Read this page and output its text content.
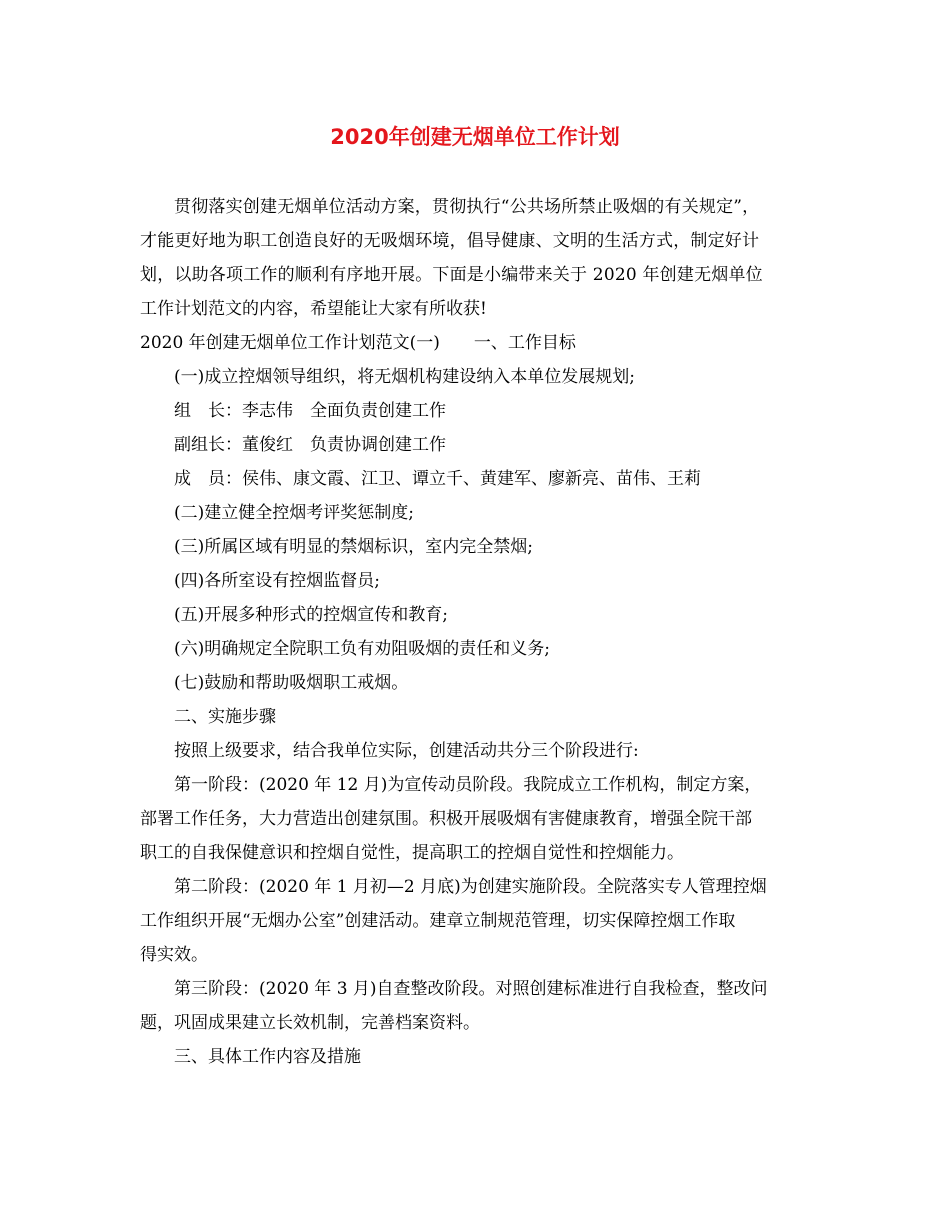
2020年创建无烟单位工作计划

贯彻落实创建无烟单位活动方案，贯彻执行“公共场所禁止吸烟的有关规定”，

才能更好地为职工创造良好的无吸烟环境，倡导健康、文明的生活方式，制定好计

划，以助各项工作的顺利有序地开展。下面是小编带来关于 2020 年创建无烟单位

工作计划范文的内容，希望能让大家有所收获!

2020 年创建无烟单位工作计划范文(一)　　一、工作目标

(一)成立控烟领导组织，将无烟机构建设纳入本单位发展规划;

组　长：李志伟　全面负责创建工作

副组长：董俊红　负责协调创建工作

成　员：侯伟、康文霞、江卫、谭立千、黄建军、廖新亮、苗伟、王莉

(二)建立健全控烟考评奖惩制度;

(三)所属区域有明显的禁烟标识，室内完全禁烟;

(四)各所室设有控烟监督员;

(五)开展多种形式的控烟宣传和教育;

(六)明确规定全院职工负有劝阻吸烟的责任和义务;

(七)鼓励和帮助吸烟职工戒烟。

二、实施步骤

按照上级要求，结合我单位实际，创建活动共分三个阶段进行:

第一阶段：(2020 年 12 月)为宣传动员阶段。我院成立工作机构，制定方案，

部署工作任务，大力营造出创建氛围。积极开展吸烟有害健康教育，增强全院干部

职工的自我保健意识和控烟自觉性，提高职工的控烟自觉性和控烟能力。

第二阶段：(2020 年 1 月初—2 月底)为创建实施阶段。全院落实专人管理控烟

工作组织开展“无烟办公室”创建活动。建章立制规范管理，切实保障控烟工作取

得实效。

第三阶段：(2020 年 3 月)自查整改阶段。对照创建标准进行自我检查，整改问

题，巩固成果建立长效机制，完善档案资料。

三、具体工作内容及措施
